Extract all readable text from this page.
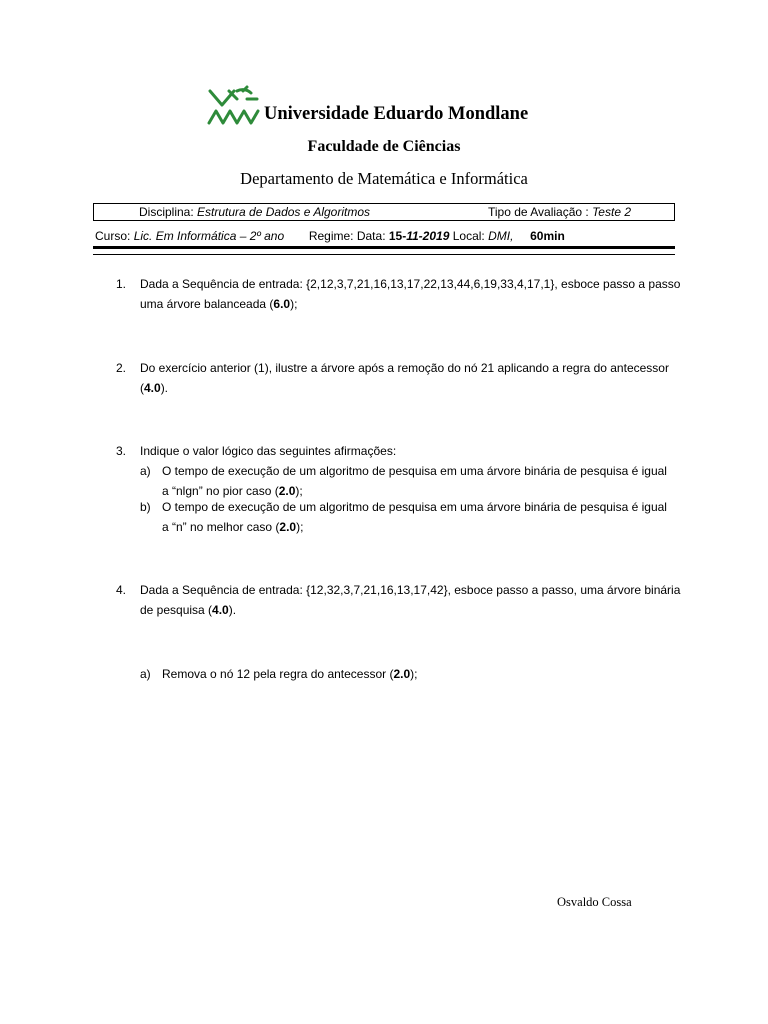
Universidade Eduardo Mondlane
Faculdade de Ciências
Departamento de Matemática e Informática
Disciplina: Estrutura de Dados e Algoritmos	Tipo de Avaliação : Teste 2
Curso: Lic. Em Informática – 2º ano Regime: Data: 15-11-2019 Local: DMI, 60min
1. Dada a Sequência de entrada: {2,12,3,7,21,16,13,17,22,13,44,6,19,33,4,17,1}, esboce passo a passo uma árvore balanceada (6.0);
2. Do exercício anterior (1), ilustre a árvore após a remoção do nó 21 aplicando a regra do antecessor (4.0).
3. Indique o valor lógico das seguintes afirmações:
a) O tempo de execução de um algoritmo de pesquisa em uma árvore binária de pesquisa é igual a “nlgn” no pior caso (2.0);
b) O tempo de execução de um algoritmo de pesquisa em uma árvore binária de pesquisa é igual a “n” no melhor caso (2.0);
4. Dada a Sequência de entrada: {12,32,3,7,21,16,13,17,42}, esboce passo a passo, uma árvore binária de pesquisa (4.0).
a) Remova o nó 12 pela regra do antecessor (2.0);
Osvaldo Cossa
